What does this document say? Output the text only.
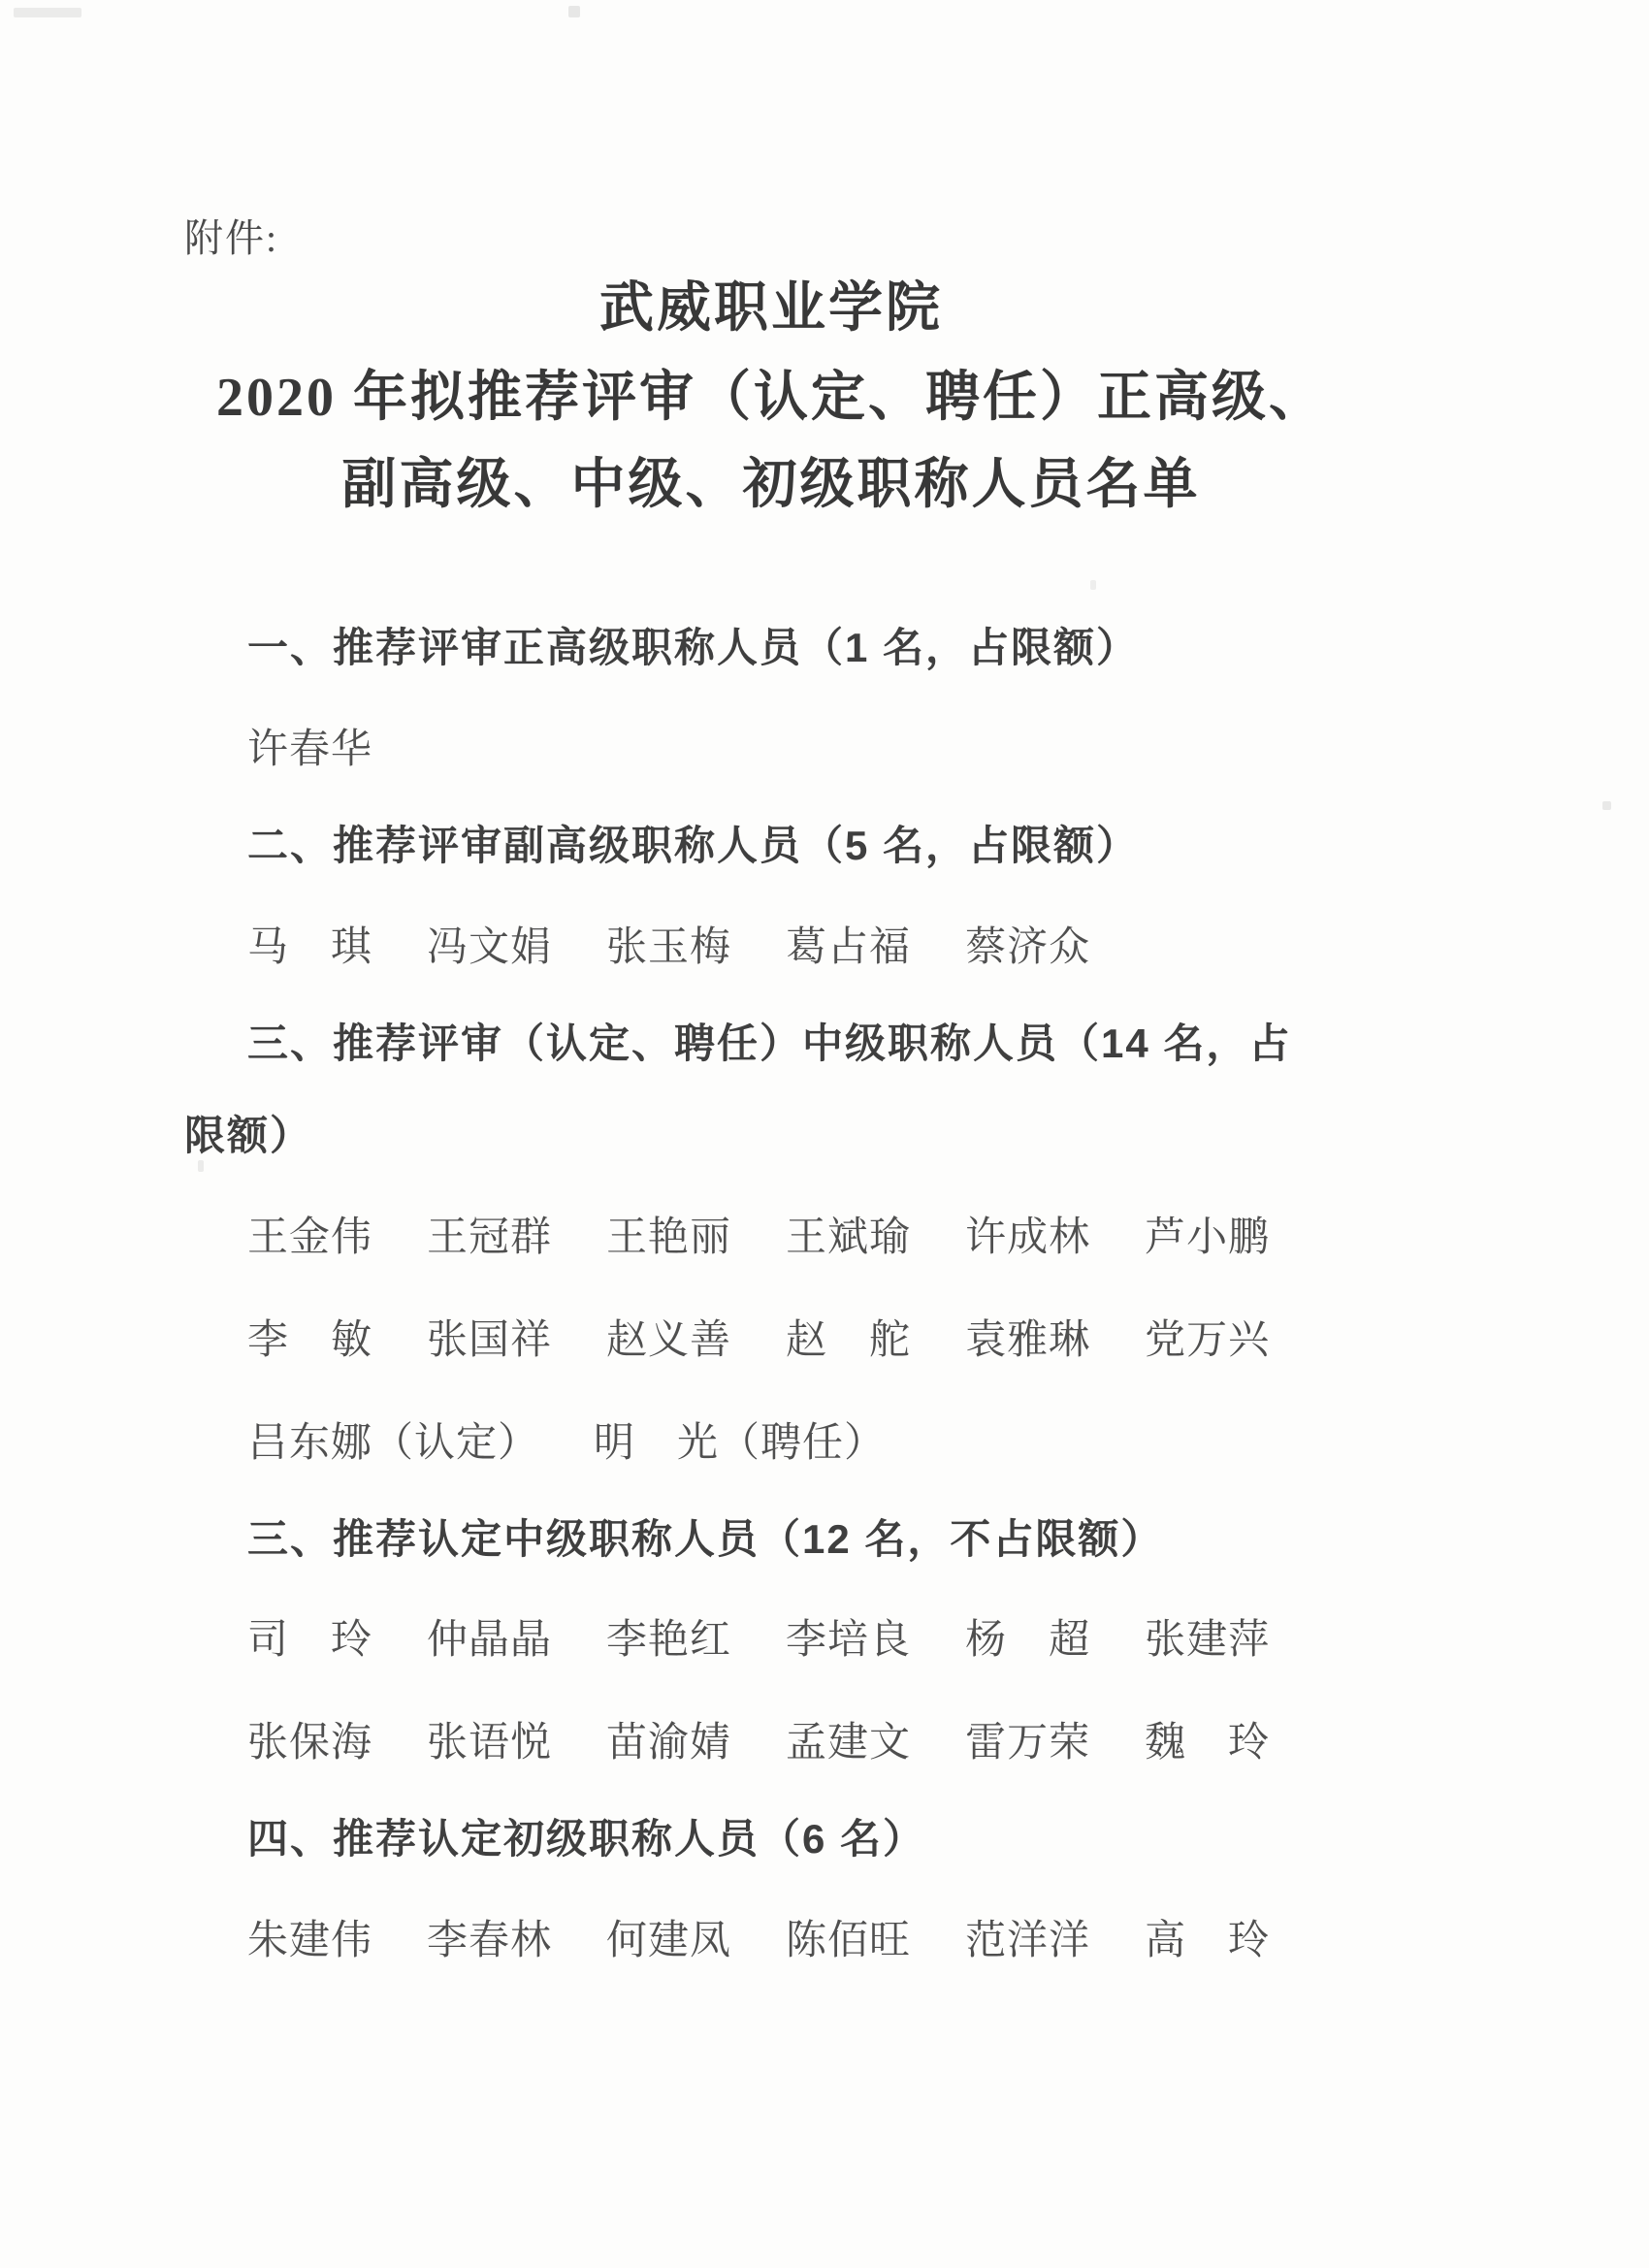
附件:
武威职业学院
2020 年拟推荐评审（认定、聘任）正高级、
副高级、中级、初级职称人员名单
一、推荐评审正高级职称人员（1 名，占限额）
许春华
二、推荐评审副高级职称人员（5 名，占限额）
马　琪 冯文娟 张玉梅 葛占福 蔡济众
三、推荐评审（认定、聘任）中级职称人员（14 名，占
限额）
王金伟 王冠群 王艳丽 王斌瑜 许成林 芦小鹏
李　敏 张国祥 赵义善 赵　舵 袁雅琳 党万兴
吕东娜（认定） 明　光（聘任）
三、推荐认定中级职称人员（12 名，不占限额）
司　玲 仲晶晶 李艳红 李培良 杨　超 张建萍
张保海 张语悦 苗渝婧 孟建文 雷万荣 魏　玲
四、推荐认定初级职称人员（6 名）
朱建伟 李春林 何建凤 陈佰旺 范洋洋 高　玲
